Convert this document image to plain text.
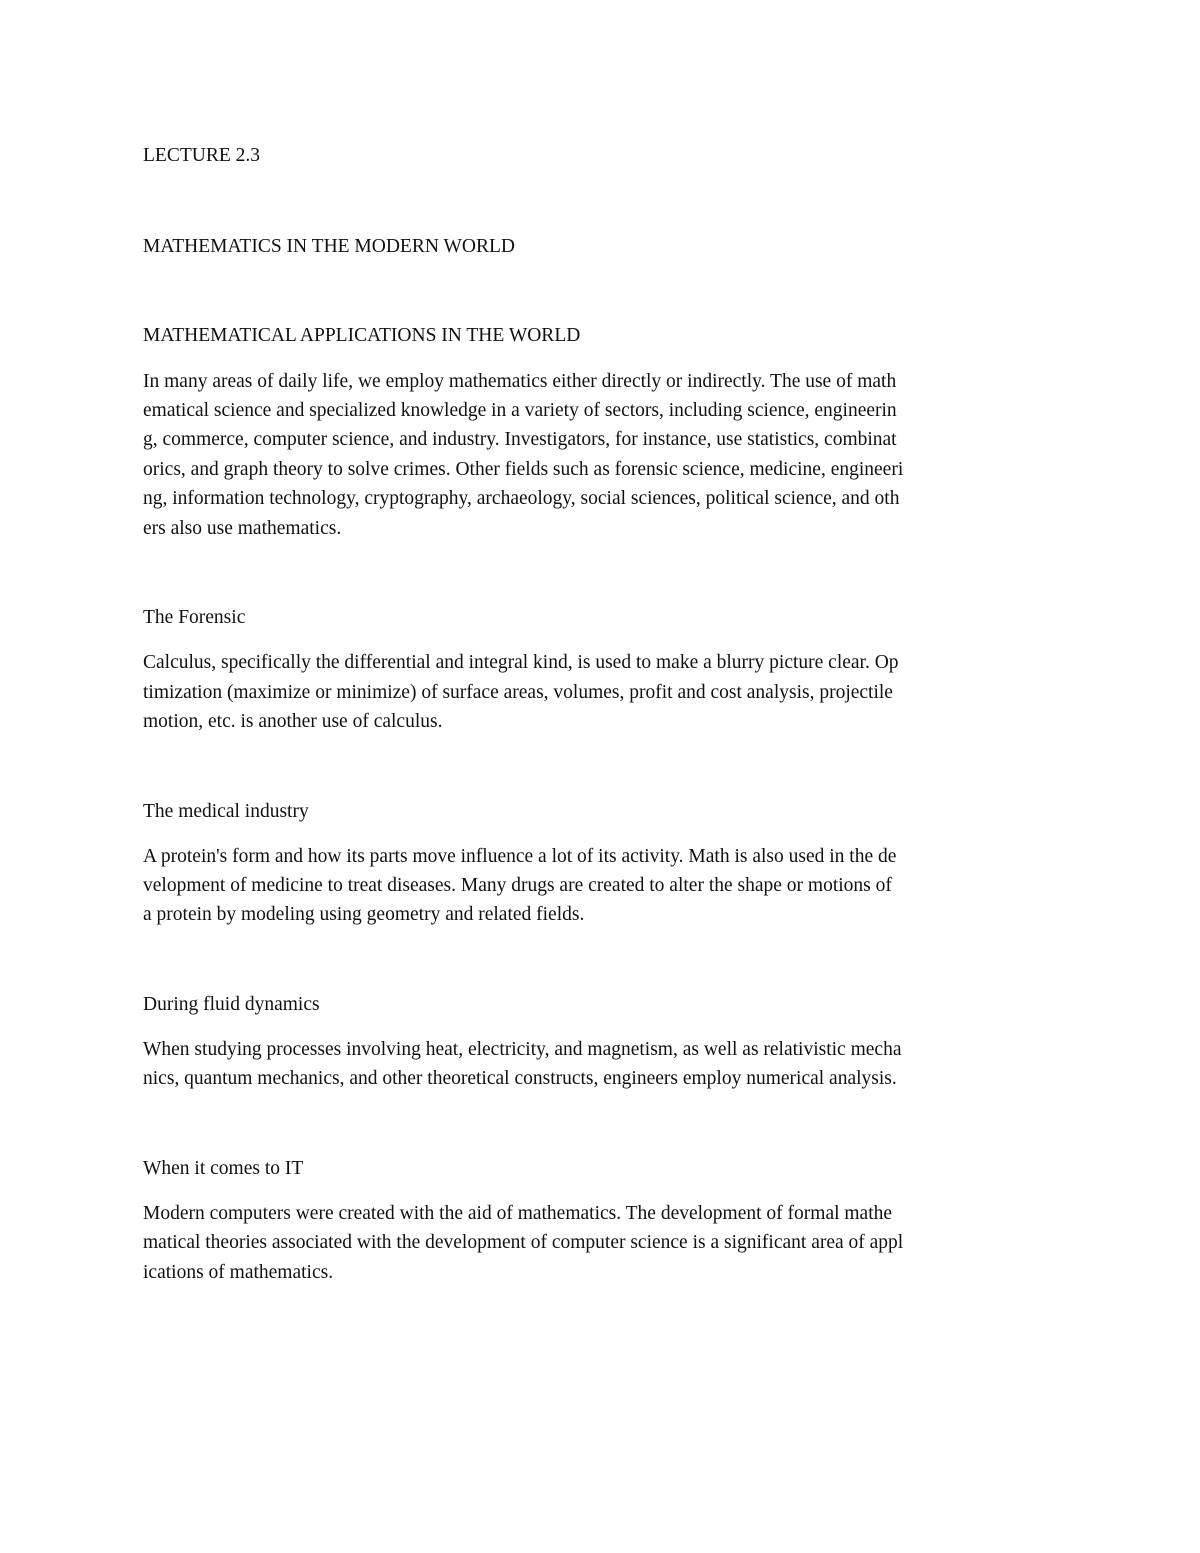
LECTURE 2.3
MATHEMATICS IN THE MODERN WORLD
MATHEMATICAL APPLICATIONS IN THE WORLD
In many areas of daily life, we employ mathematics either directly or indirectly. The use of math
ematical science and specialized knowledge in a variety of sectors, including science, engineerin
g, commerce, computer science, and industry. Investigators, for instance, use statistics, combinat
orics, and graph theory to solve crimes. Other fields such as forensic science, medicine, engineeri
ng, information technology, cryptography, archaeology, social sciences, political science, and oth
ers also use mathematics.
The Forensic
Calculus, specifically the differential and integral kind, is used to make a blurry picture clear. Op
timization (maximize or minimize) of surface areas, volumes, profit and cost analysis, projectile
motion, etc. is another use of calculus.
The medical industry
A protein's form and how its parts move influence a lot of its activity. Math is also used in the de
velopment of medicine to treat diseases. Many drugs are created to alter the shape or motions of
a protein by modeling using geometry and related fields.
During fluid dynamics
When studying processes involving heat, electricity, and magnetism, as well as relativistic mecha
nics, quantum mechanics, and other theoretical constructs, engineers employ numerical analysis.
When it comes to IT
Modern computers were created with the aid of mathematics. The development of formal mathe
matical theories associated with the development of computer science is a significant area of appl
ications of mathematics.
